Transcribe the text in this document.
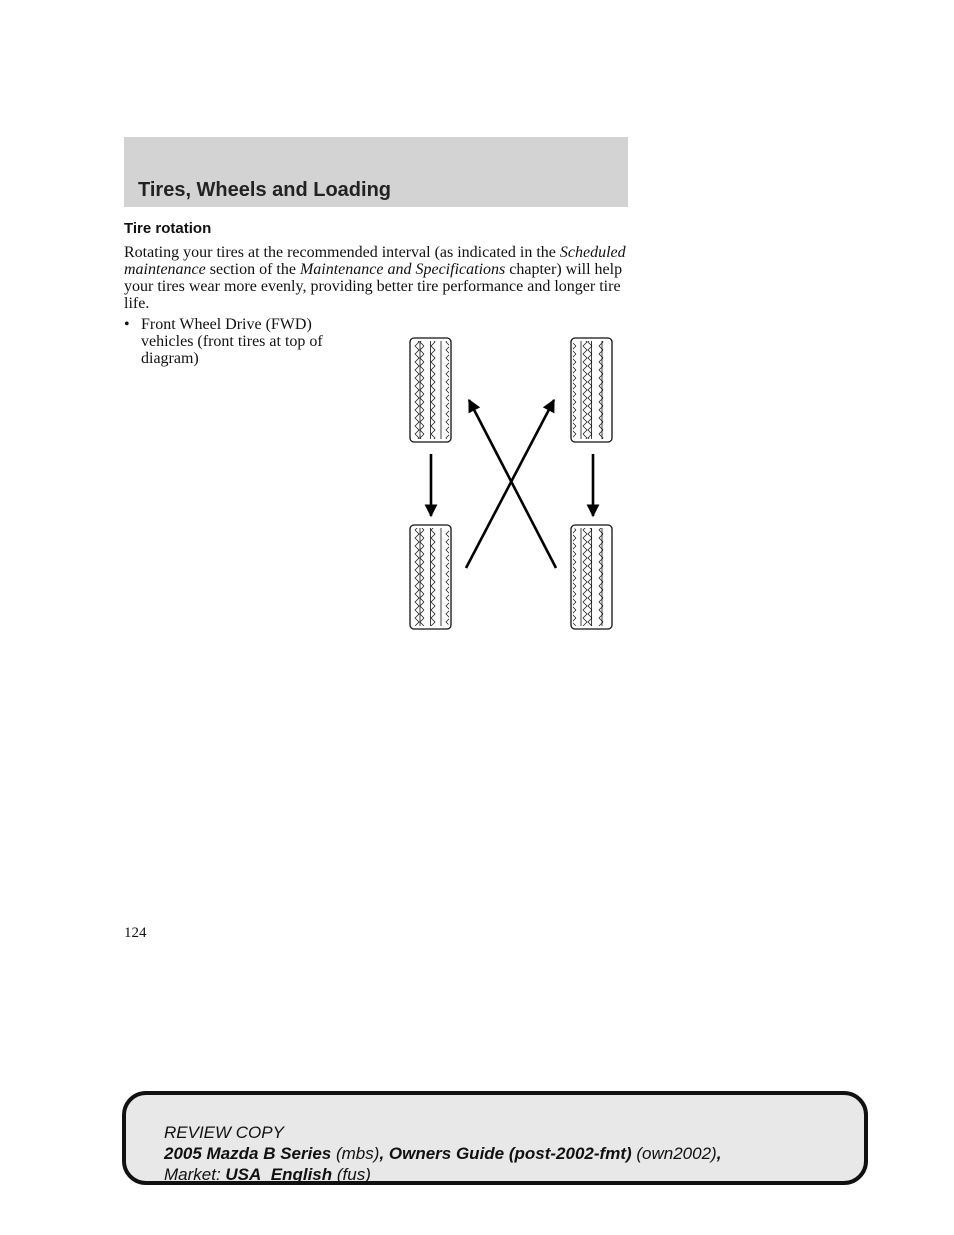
Tires, Wheels and Loading
Tire rotation

Rotating your tires at the recommended interval (as indicated in the Scheduled maintenance section of the Maintenance and Specifications chapter) will help your tires wear more evenly, providing better tire performance and longer tire life.

• Front Wheel Drive (FWD) vehicles (front tires at top of diagram)
124
REVIEW COPY
2005 Mazda B Series (mbs), Owners Guide (post-2002-fmt) (own2002),
Market: USA_English (fus)
